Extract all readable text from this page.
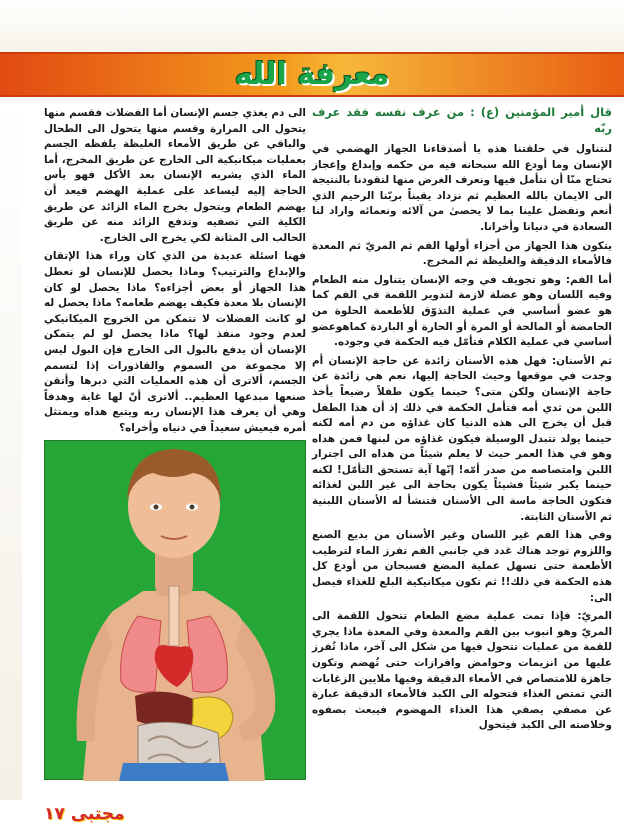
معرفة الله
قال أمير المؤمنين (ع) : من عرف نفسه فقد عرف ربّه

لنتناول في حلقتنا هذه يا أصدقاءنا الجهاز الهضمي في الإنسان وما أودع الله سبحانه فيه من حكمه وإبداع وإعجاز تحتاج منّا أن نتأمل فيها ونعرف الغرض منها لتقودنا بالنتيجة الى الايمان بالله العظيم ثم نزداد يقيناً بربّنا الرحيم الذي أنعم وتفضل علينا بما لا يحصىٰ من آلائه ونعمائه واراد لنا السعادة في دنيانا وأخرانا.

يتكون هذا الجهاز من أجزاء أولها الفم ثم المريّ ثم المعدة فالأمعاء الدقيقة والغليظة ثم المخرج.

أما الفم: وهو تجويف في وجه الإنسان يتناول منه الطعام وفيه اللسان وهو عضلة لازمة لتدوير اللقمة في الفم كما هو عضو أساسي في عملية التذوّق للأطعمة الحلوة من الحامضة أو المالحة أو المرة أو الحارة أو الباردة كماهوعضو أساسي في عملية الكلام فتأمّل فيه الحكمة في وجوده.

ثم الأسنان: فهل هذه الأسنان زائدة عن حاجة الإنسان أم وجدت في موقعها وحيث الحاجة إليها، نعم هي زائدة عن حاجة الإنسان ولكن متى؟ حينما يكون طفلاً رضيعاً يأخذ اللبن من ثدي أمه فتأمل الحكمة في ذلك إذ أن هذا الطفل قبل أن يخرج الى هذه الدنيا كان غذاؤه من دم أمه لكنه حينما يولد تتبدل الوسيلة فيكون غذاؤه من لبنها فمن هداه وهو في هذا العمر حيث لا يعلم شيئاً من هداه الى اجترار اللبن وامتصاصه من صدر أمّه! إنّها آية تستحق التأمّل! لكنه حينما يكبر شيئاً فشيئاً يكون بحاجة الى غير اللبن لغذائه فتكون الحاجة ماسة الى الأسنان فتنشأ له الأسنان اللبنية ثم الأسنان الثابتة.

وفي هذا الفم غير اللسان وغير الأسنان من بديع الصنع واللزوم توجد هناك غدد في جانبي الفم تفرز الماء لترطيب الأطعمة حتى تسهل عملية المضغ فسبحان من أودع كل هذه الحكمة في ذلك!! ثم تكون ميكانيكية البلع للغذاء فيصل الى:

المريّ: فإذا تمت عملية مضغ الطعام تتحول اللقمة الى المريّ وهو انبوب بين الفم والمعدة وفي المعدة ماذا يجري للقمة من عمليات تتحول فيها من شكل الى آخر، ماذا تُفرز عليها من انزيمات وحوامض وافرازات حتى تُهضم وتكون جاهزة للامتصاص في الأمعاء الدقيقة وفيها ملايين الزغابات التي تمتص الغذاء فتحوله الى الكبد فالأمعاء الدقيقة عبارة عن مصفي يصفي هذا الغذاء المهضوم فيبعث بصفوه وخلاصته الى الكبد فيتحول

الى دم يغذي جسم الإنسان أما الفضلات فقسم منها يتحول الى المرارة وقسم منها يتحول الى الطحال والباقي عن طريق الأمعاء الغليظة يلفظه الجسم بعمليات ميكانيكية الى الخارج عن طريق المخرج، أما الماء الذي يشربه الإنسان بعد الأكل فهو يأس الحاجة إليه ليساعد على عملية الهضم فيعد أن يهضم الطعام ويتحول يخرج الماء الزائد عن طريق الكلية التي تصفيه وتدفع الزائد منه عن طريق الحالب الى المثانة لكي يخرج الى الخارج.

فهنا اسئلة عديدة من الذي كان وراء هذا الإتقان والإبداع والترتيب؟ وماذا يحصل للإنسان لو تعطل هذا الجهاز أو بعض أجزاءه؟ ماذا يحصل لو كان الإنسان بلا معدة فكيف يهضم طعامه؟ ماذا يحصل له لو كانت الفضلات لا تتمكن من الخروج الميكانيكي لعدم وجود منفذ لها؟ ماذا يحصل لو لم يتمكن الإنسان أن يدفع بالبول الى الخارج فإن البول ليس إلا مجموعة من السموم والقاذورات إذا لتسمم الجسم، ألاترى أن هذه العمليات التي دبرها وأتقن صنعها مبدعها العظيم.. ألاترى أنّ لها غاية وهدفاً وهي أن يعرف هذا الإنسان ربه ويتبع هداه ويمتثل أمره فيعيش سعيداً في دنياه وأخراه؟

مجتبى ١٧
